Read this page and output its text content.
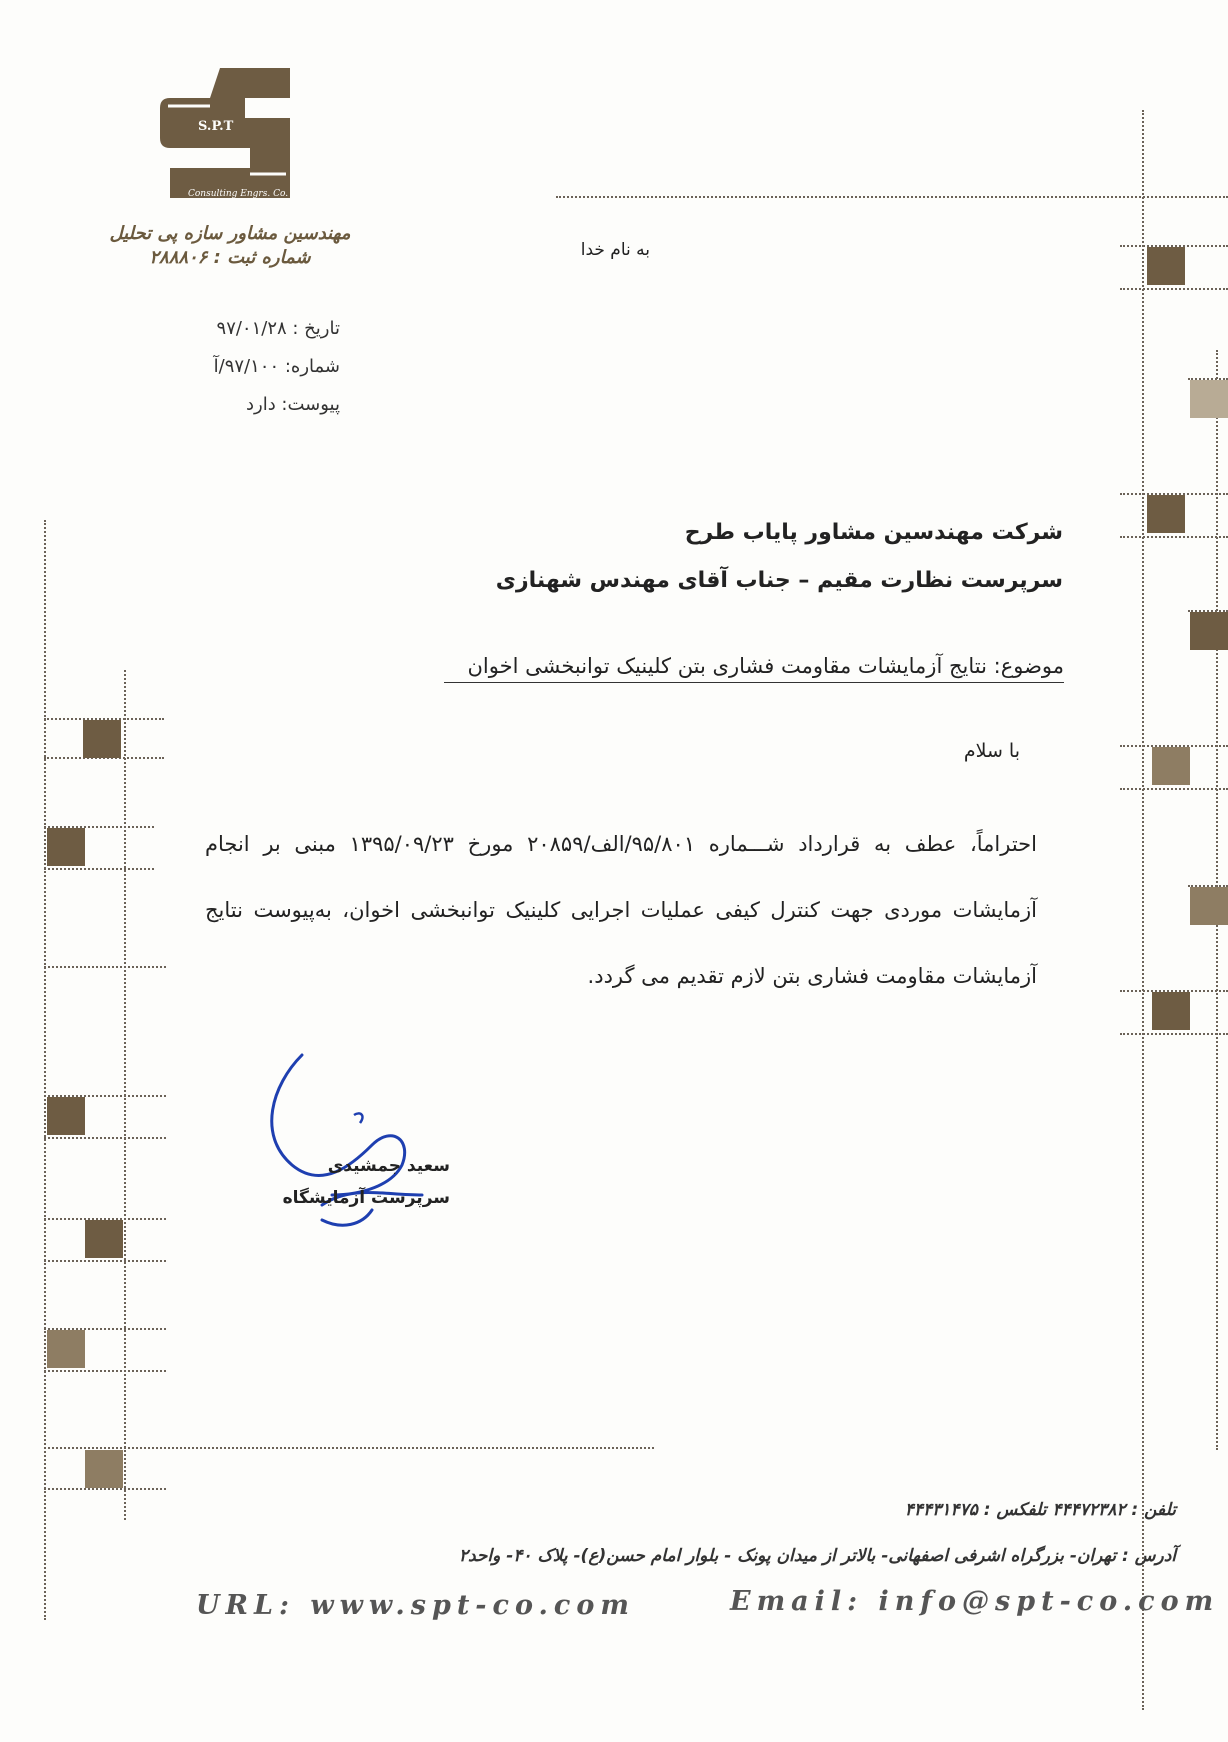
S.P.T
Consulting Engrs. Co.
مهندسین مشاور سازه پی تحلیل
شماره ثبت : ۲۸۸۸۰۶	به نام خدا
تاریخ : ۹۷/۰۱/۲۸
شماره: ۹۷/۱۰۰/آ
پیوست: دارد
شرکت مهندسین مشاور پایاب طرح
سرپرست نظارت مقیم – جناب آقای مهندس شهنازی
موضوع: نتایج آزمایشات مقاومت فشاری بتن کلینیک توانبخشی اخوان
با سلام
احتراماً، عطف به قرارداد شـــماره ۹۵/۸۰۱/الف/۲۰۸۵۹ مورخ ۱۳۹۵/۰۹/۲۳ مبنی بر انجام
آزمایشات موردی جهت کنترل کیفی عملیات اجرایی کلینیک توانبخشی اخوان، به‌پیوست نتایج
آزمایشات مقاومت فشاری بتن لازم تقدیم می گردد.
سعید جمشیدی
سرپرست آزمایشگاه
تلفن : ۴۴۴۷۲۳۸۲ تلفکس : ۴۴۴۳۱۴۷۵
آدرس : تهران- بزرگراه اشرفی اصفهانی- بالاتر از میدان پونک - بلوار امام حسن(ع)- پلاک ۴۰- واحد۲
URL: www.spt-co.com	Email: info@spt-co.com
